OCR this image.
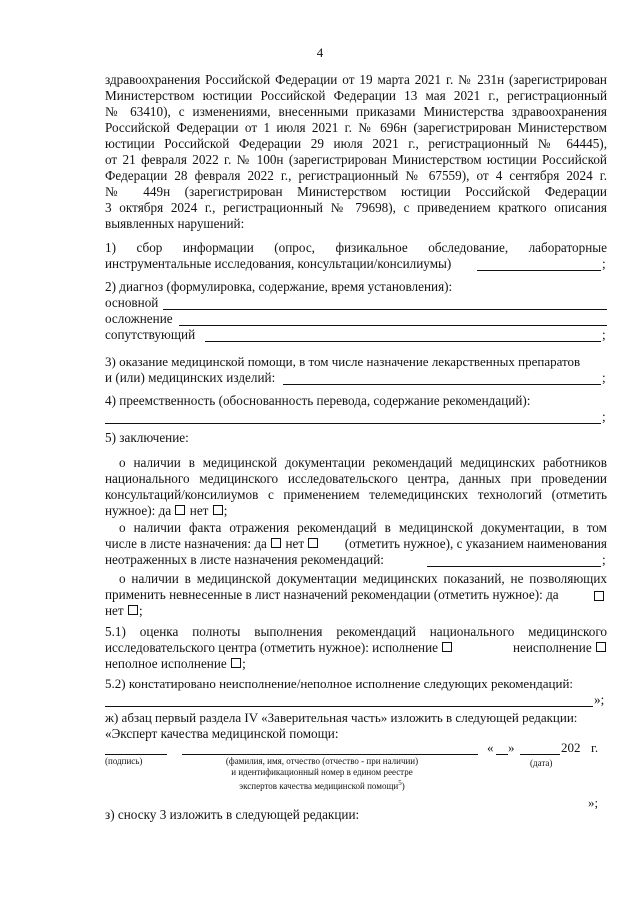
4
здравоохранения Российской Федерации от 19 марта 2021 г. № 231н (зарегистрирован
Министерством юстиции Российской Федерации 13 мая 2021 г., регистрационный
№ 63410), с изменениями, внесенными приказами Министерства здравоохранения
Российской Федерации от 1 июля 2021 г. № 696н (зарегистрирован Министерством
юстиции Российской Федерации 29 июля 2021 г., регистрационный № 64445),
от 21 февраля 2022 г. № 100н (зарегистрирован Министерством юстиции Российской
Федерации 28 февраля 2022 г., регистрационный № 67559), от 4 сентября 2024 г.
№ 449н (зарегистрирован Министерством юстиции Российской Федерации
3 октября 2024 г., регистрационный № 79698), с приведением краткого описания
выявленных нарушений:
1) сбор информации (опрос, физикальное обследование, лабораторные
инструментальные исследования, консультации/консилиумы)	;
2) диагноз (формулировка, содержание, время установления):
основной
осложнение
сопутствующий	;
3) оказание медицинской помощи, в том числе назначение лекарственных препаратов
и (или) медицинских изделий:	;
4) преемственность (обоснованность перевода, содержание рекомендаций):
;
5) заключение:
о наличии в медицинской документации рекомендаций медицинских работников
национального медицинского исследовательского центра, данных при проведении
консультаций/консилиумов с применением телемедицинских технологий (отметить
нужное): да нет ;
о наличии факта отражения рекомендаций в медицинской документации, в том
числе в листе назначения: да нет	(отметить нужное), с указанием наименования
неотраженных в листе назначения рекомендаций:	;
о наличии в медицинской документации медицинских показаний, не позволяющих
применить невнесенные в лист назначений рекомендации (отметить нужное): да
нет ;
5.1) оценка полноты выполнения рекомендаций национального медицинского
исследовательского центра (отметить нужное): исполнение	неисполнение
неполное исполнение ;
5.2) констатировано неисполнение/неполное исполнение следующих рекомендаций:
»;
ж) абзац первый раздела IV «Заверительная часть» изложить в следующей редакции:
«Эксперт качества медицинской помощи:
« »	202 г.
(подпись)	(фамилия, имя, отчество (отчество - при наличии)
и идентификационный номер в едином реестре
экспертов качества медицинской помощи$^5$)
(дата)
»;
з) сноску 3 изложить в следующей редакции:
